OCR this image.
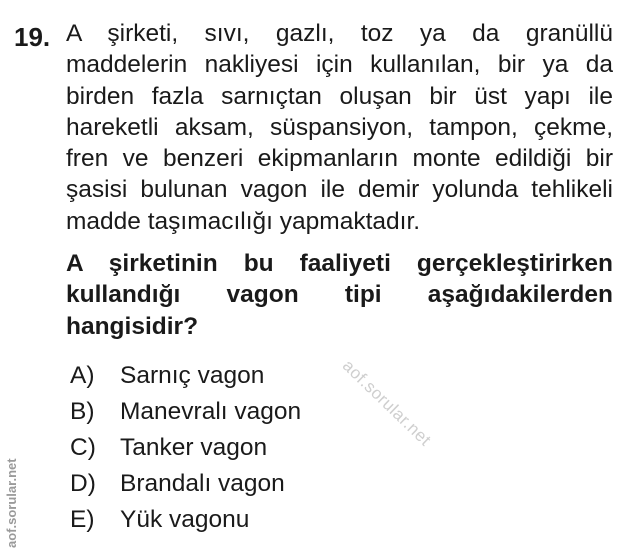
19. A şirketi, sıvı, gazlı, toz ya da granüllü
maddelerin nakliyesi için kullanılan, bir ya da
birden fazla sarnıçtan oluşan bir üst yapı ile
hareketli aksam, süspansiyon, tampon, çekme,
fren ve benzeri ekipmanların monte edildiği bir
şasisi bulunan vagon ile demir yolunda tehlikeli
madde taşımacılığı yapmaktadır.
A şirketinin bu faaliyeti gerçekleştirirken
kullandığı vagon tipi aşağıdakilerden
hangisidir?
A)	Sarnıç vagon
B)	Manevralı vagon
C) Tanker vagon
D) Brandalı vagon
E)	Yük vagonu
aof.sorular.net
aof.sorular.net
